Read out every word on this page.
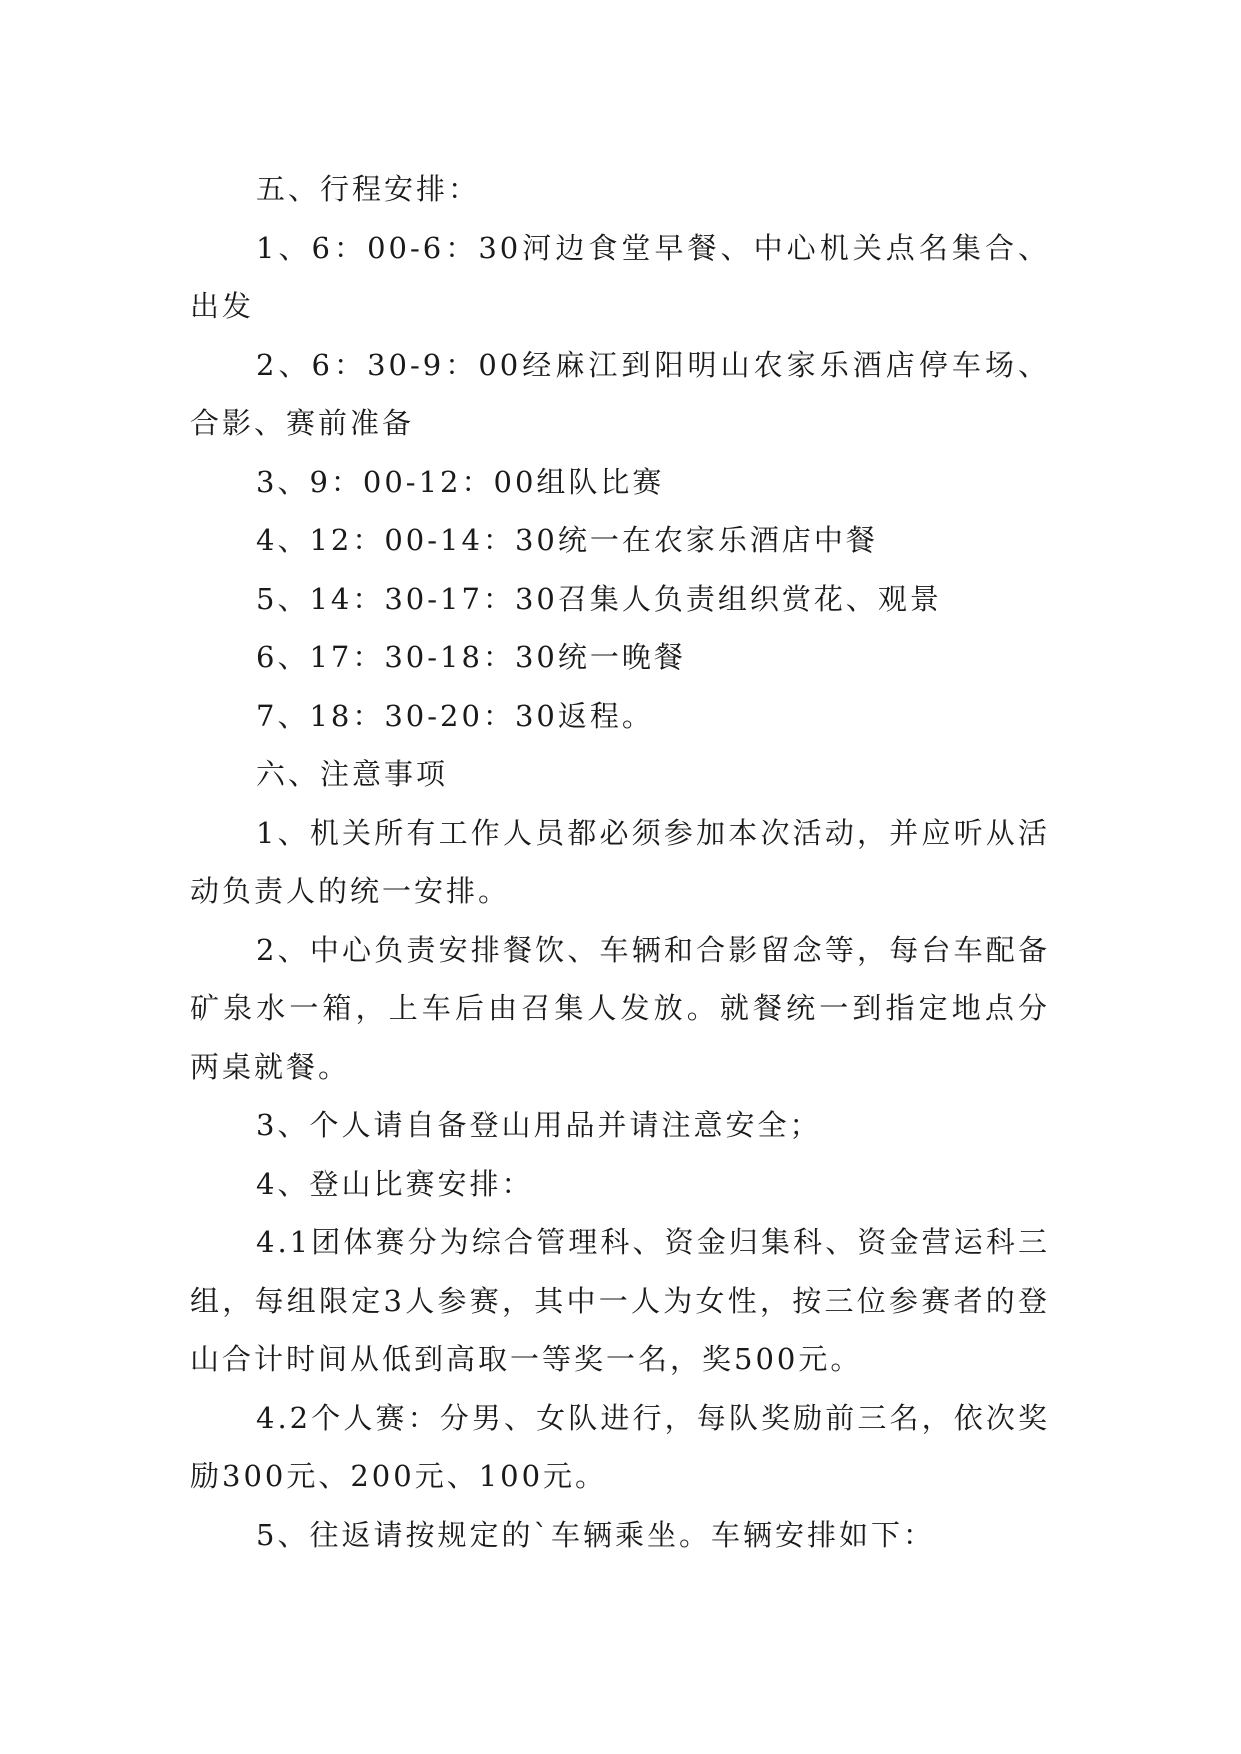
五、行程安排：

1、6：00-6：30河边食堂早餐、中心机关点名集合、出发

2、6：30-9：00经麻江到阳明山农家乐酒店停车场、合影、赛前准备

3、9：00-12：00组队比赛

4、12：00-14：30统一在农家乐酒店中餐

5、14：30-17：30召集人负责组织赏花、观景

6、17：30-18：30统一晚餐

7、18：30-20：30返程。

六、注意事项

1、机关所有工作人员都必须参加本次活动，并应听从活动负责人的统一安排。

2、中心负责安排餐饮、车辆和合影留念等，每台车配备矿泉水一箱，上车后由召集人发放。就餐统一到指定地点分两桌就餐。

3、个人请自备登山用品并请注意安全；

4、登山比赛安排：

4.1团体赛分为综合管理科、资金归集科、资金营运科三组，每组限定3人参赛，其中一人为女性，按三位参赛者的登山合计时间从低到高取一等奖一名，奖500元。

4.2个人赛：分男、女队进行，每队奖励前三名，依次奖励300元、200元、100元。

5、往返请按规定的`车辆乘坐。车辆安排如下：
